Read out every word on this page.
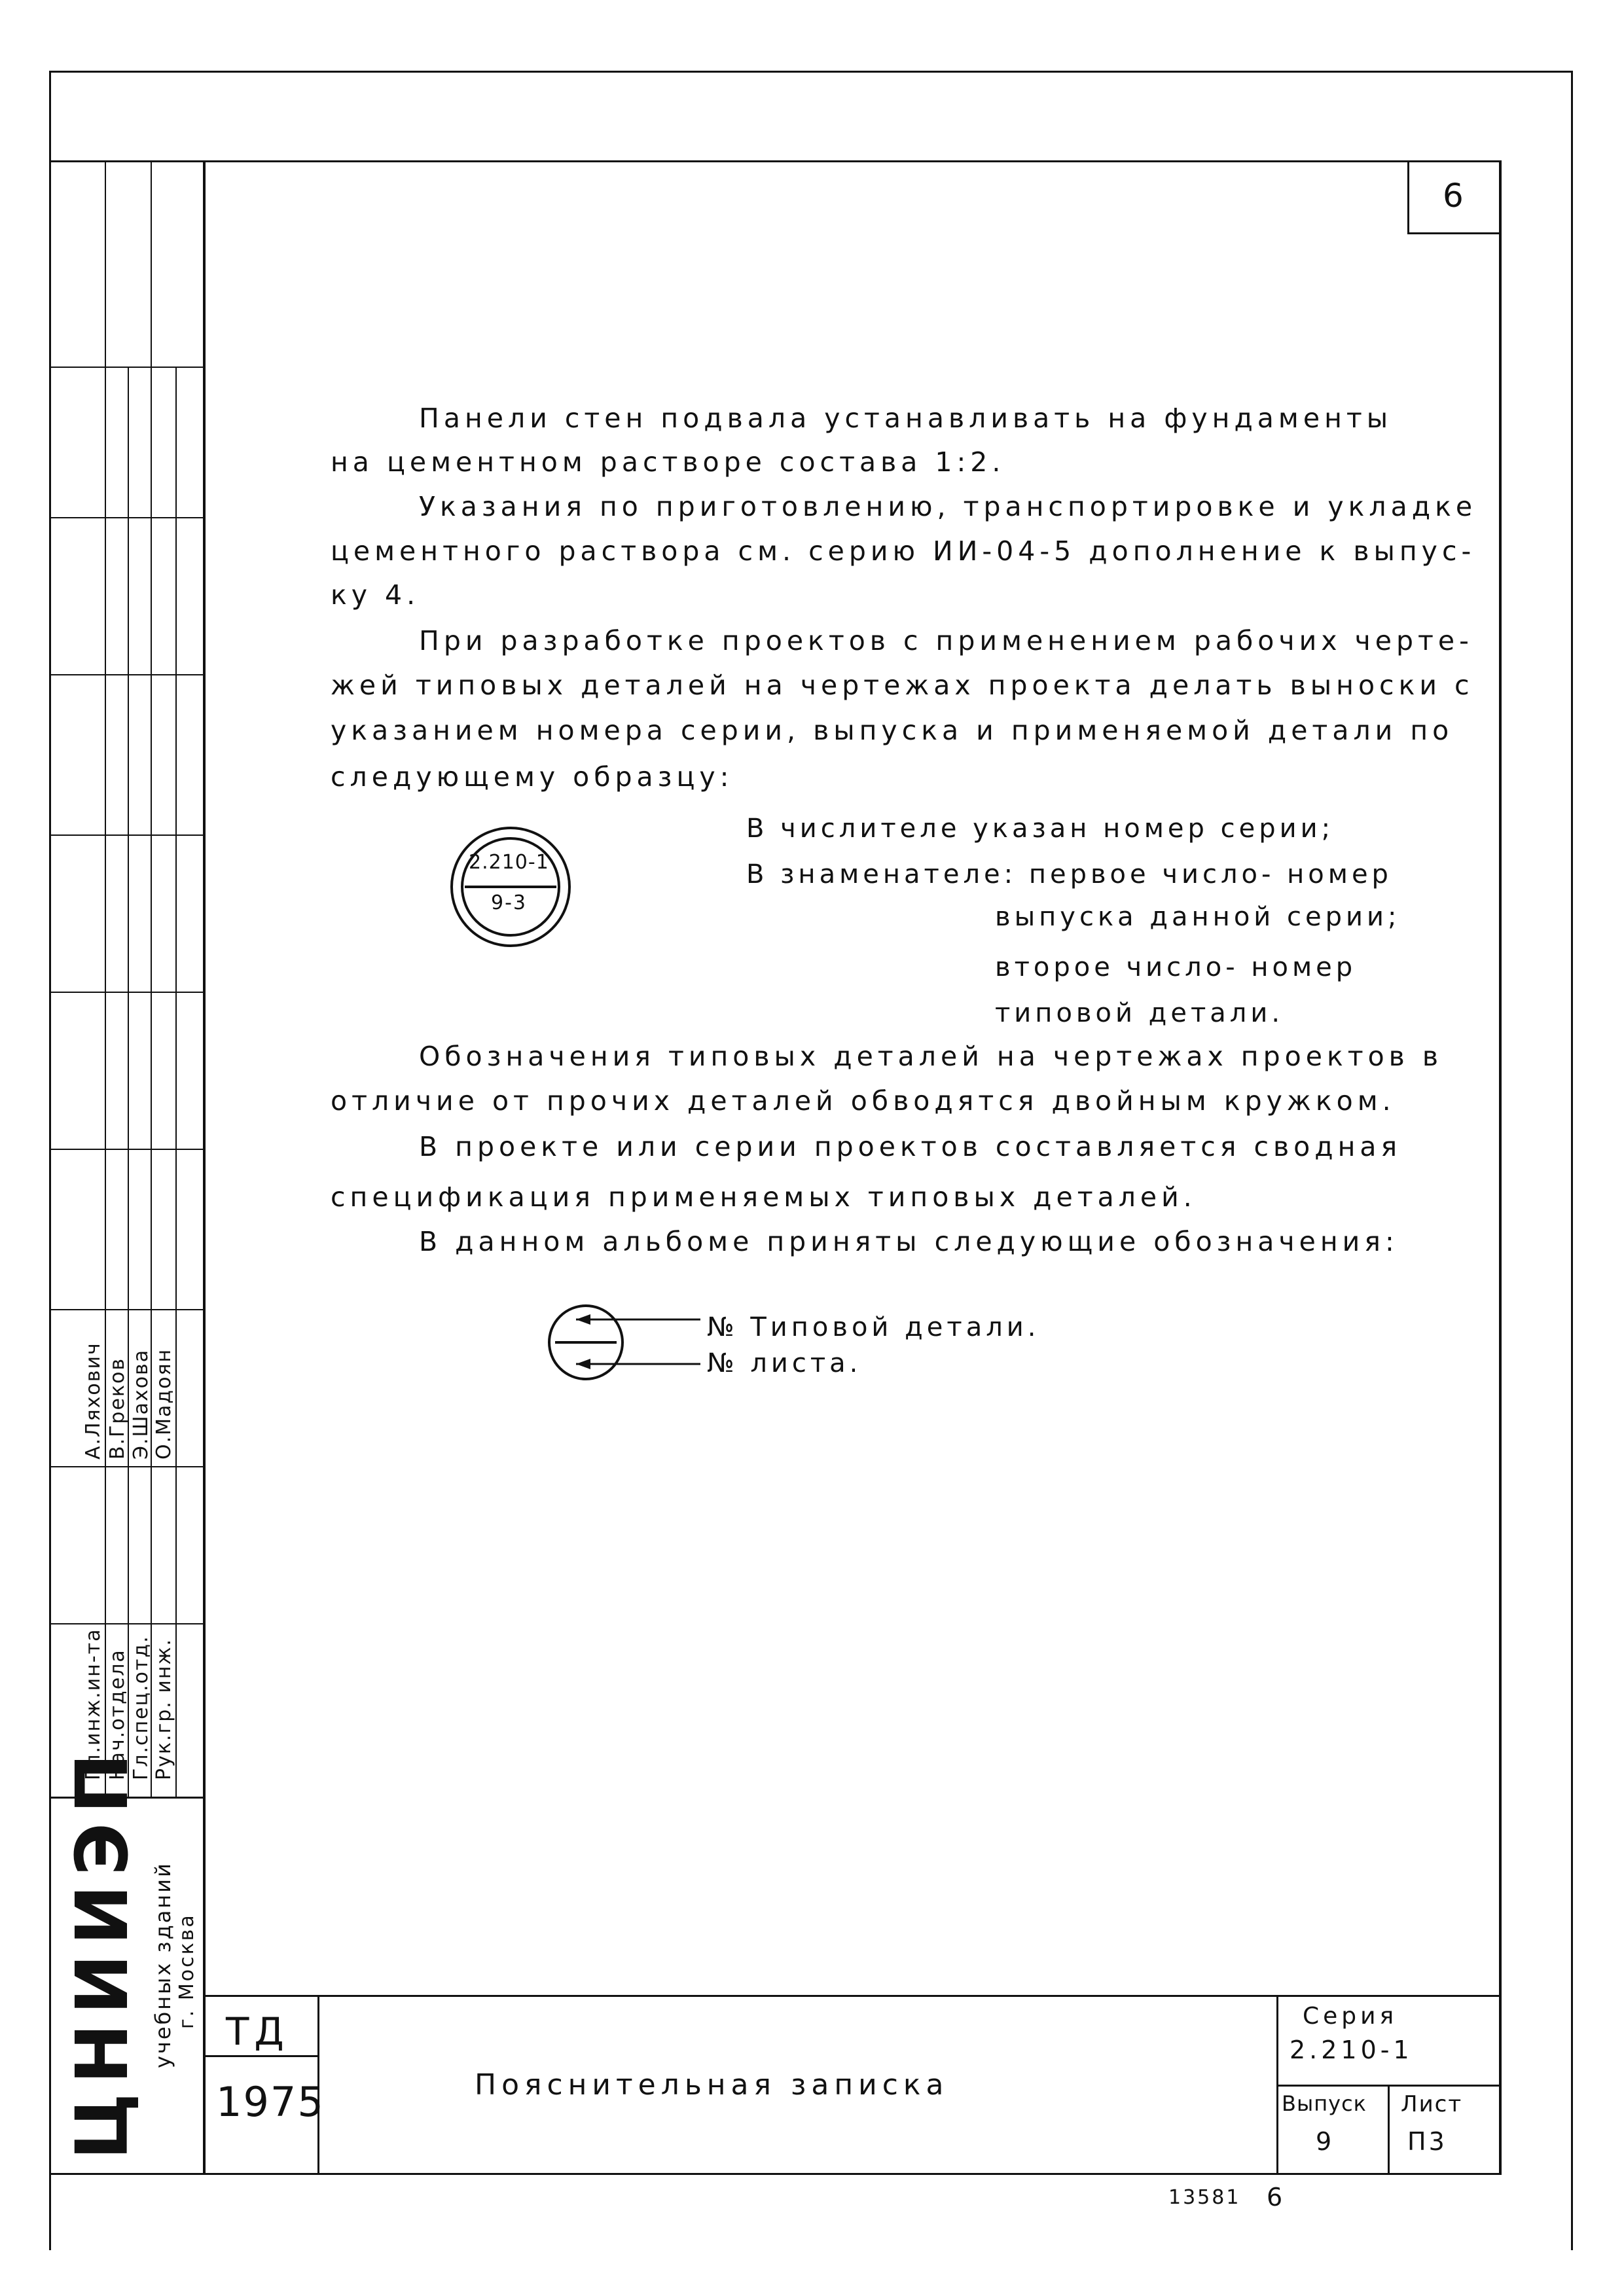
6
А.Ляхович В.Греков Э.Шахова О.Мадоян
Гл.инж.ин-та Нач.отдела Гл.спец.отд. Рук.гр. инж.
ЦНИИЭП учебных зданий г. Москва
Панели стен подвала устанавливать на фундаменты
на цементном растворе состава 1:2.
Указания по приготовлению, транспортировке и укладке
цементного раствора см. серию ИИ-04-5 дополнение к выпус-
ку 4.
При разработке проектов с применением рабочих черте-
жей типовых деталей на чертежах проекта делать выноски с
указанием номера серии, выпуска и применяемой детали по
следующему образцу:
2.210-1
9-3
В числителе указан номер серии;
В знаменателе: первое число- номер
выпуска данной серии;
второе число- номер
типовой детали.
Обозначения типовых деталей на чертежах проектов в
отличие от прочих деталей обводятся двойным кружком.
В проекте или серии проектов составляется сводная
спецификация применяемых типовых деталей.
В данном альбоме приняты следующие обозначения:
№ Типовой детали.
№ листа.
ТД
1975	Пояснительная записка
Серия
2.210-1
Выпуск
9
Лист
П3
13581 6
